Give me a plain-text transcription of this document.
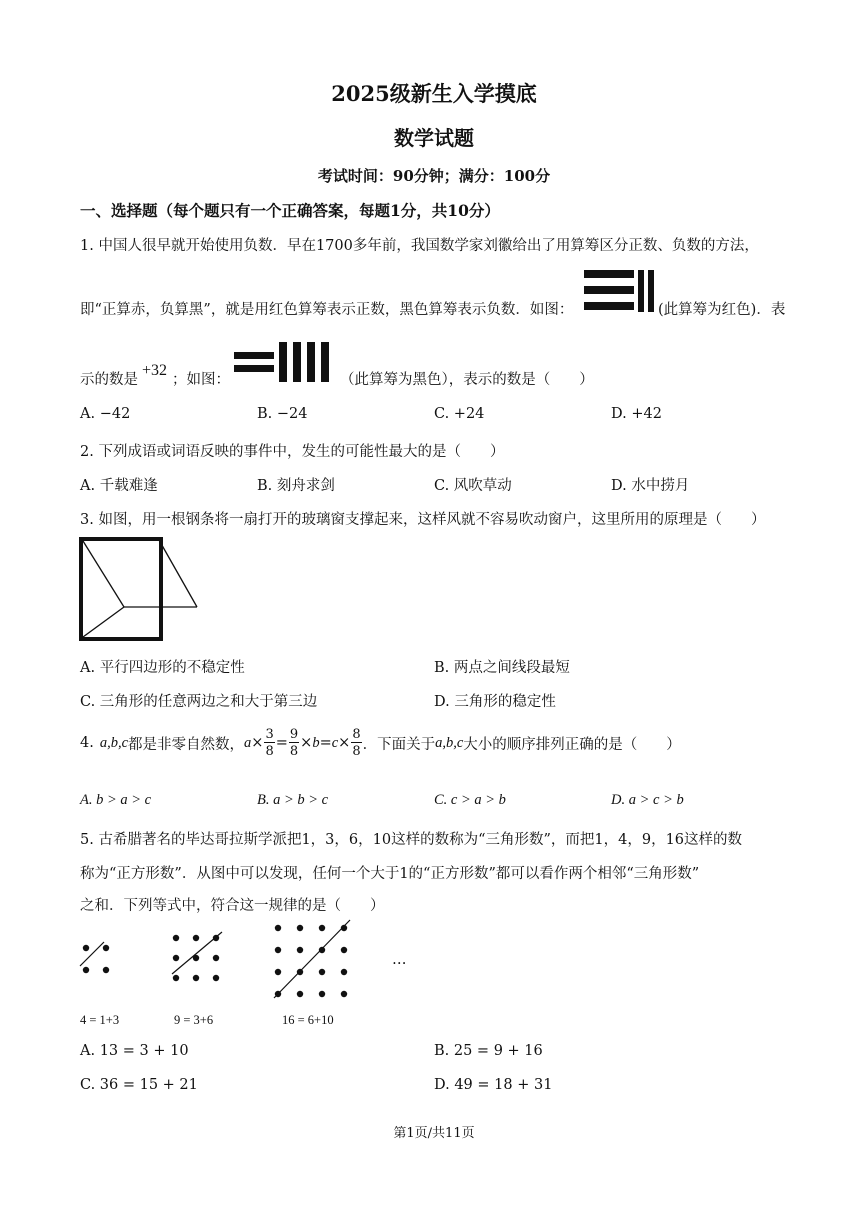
2025级新生入学摸底
数学试题
考试时间：90分钟；满分：100分
一、选择题（每个题只有一个正确答案，每题1分，共10分）
1. 中国人很早就开始使用负数．早在1700多年前，我国数学家刘徽给出了用算筹区分正数、负数的方法，
即“正算赤，负算黑”，就是用红色算筹表示正数，黑色算筹表示负数．如图：	(此算筹为红色)．表
示的数是
+32
；如图：	（此算筹为黑色），表示的数是（　　）
A. −42	B. −24	C. +24	D. +42
2. 下列成语或词语反映的事件中，发生的可能性最大的是（　　）
A. 千载难逢	B. 刻舟求剑	C. 风吹草动	D. 水中捞月
3. 如图，用一根钢条将一扇打开的玻璃窗支撑起来，这样风就不容易吹动窗户，这里所用的原理是（　　）
A. 平行四边形的不稳定性	B. 两点之间线段最短
C. 三角形的任意两边之和大于第三边	D. 三角形的稳定性
4. a,b,c 都是非零自然数， $a \times \frac{3}{8} = \frac{9}{8} \times b = c \times \frac{8}{8}$ ．下面关于 a,b,c 大小的顺序排列正确的是（　　）
A. b > a > c	B. a > b > c	C. c > a > b	D. a > c > b
5. 古希腊著名的毕达哥拉斯学派把1，3，6，10这样的数称为“三角形数”，而把1，4，9，16这样的数
称为“正方形数”．从图中可以发现，任何一个大于1的“正方形数”都可以看作两个相邻“三角形数”
之和．下列等式中，符合这一规律的是（　　）
…
4 = 1+3	9 = 3+6	16 = 6+10
A. 13 = 3 + 10	B. 25 = 9 + 16
C. 36 = 15 + 21	D. 49 = 18 + 31
第1页/共11页
